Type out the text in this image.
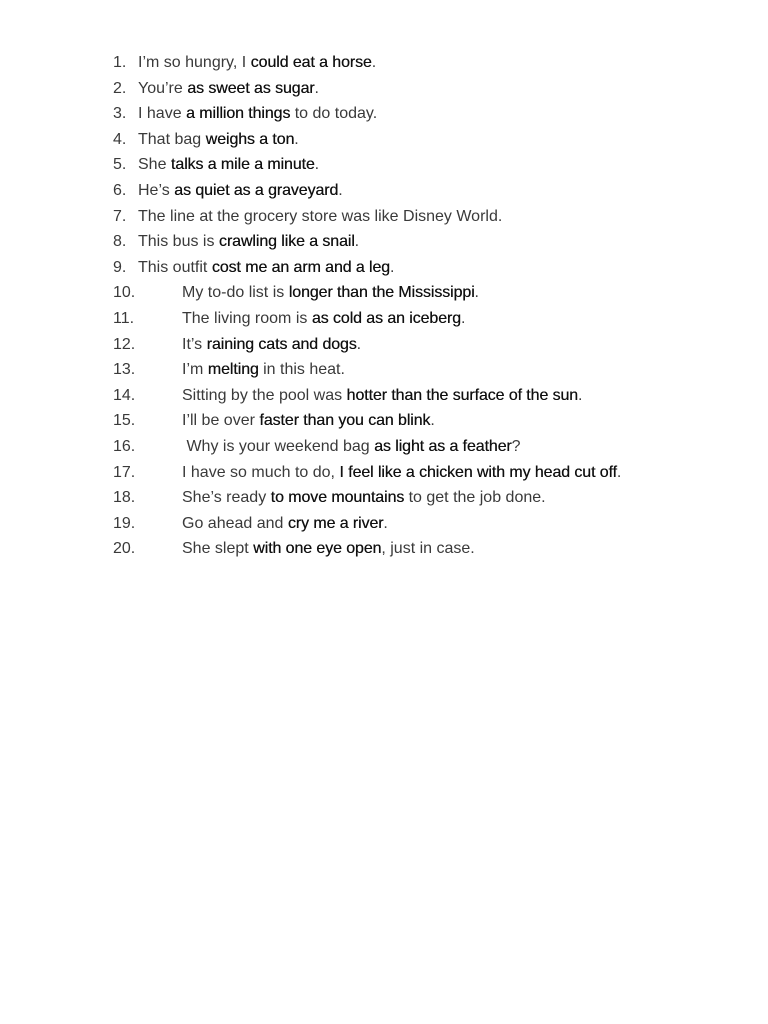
1. I’m so hungry, I could eat a horse.
2. You’re as sweet as sugar.
3. I have a million things to do today.
4. That bag weighs a ton.
5. She talks a mile a minute.
6. He’s as quiet as a graveyard.
7. The line at the grocery store was like Disney World.
8. This bus is crawling like a snail.
9. This outfit cost me an arm and a leg.
10.	My to-do list is longer than the Mississippi.
11.	The living room is as cold as an iceberg.
12.	It’s raining cats and dogs.
13.	I’m melting in this heat.
14.	Sitting by the pool was hotter than the surface of the sun.
15.	I’ll be over faster than you can blink.
16.	Why is your weekend bag as light as a feather?
17.	I have so much to do, I feel like a chicken with my head cut off.
18.	She’s ready to move mountains to get the job done.
19.	Go ahead and cry me a river.
20.	She slept with one eye open, just in case.
